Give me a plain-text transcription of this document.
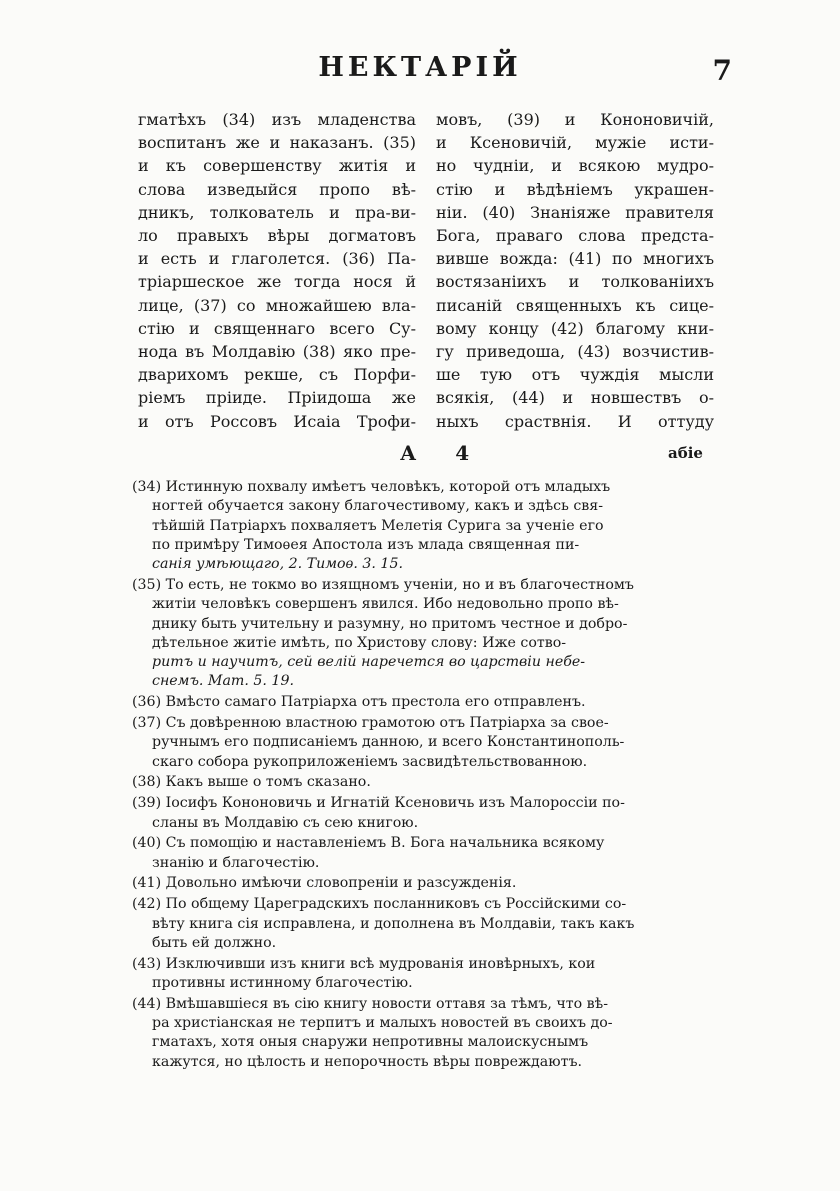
НЕКТАРІЙ	7
гматѣхъ (34) изъ младенства
воспитанъ же и наказанъ. (35)
и къ совершенству житія и
слова изведыйся пропо вѣ-
дникъ, толкователь и пра-ви-
ло правыхъ вѣры догматовъ
и есть и глаголется. (36) Па-
тріаршеское же тогда нося й
лице, (37) со множайшею вла-
стію и священнаго всего Су-
нода въ Молдавію (38) яко пре-
дварихомъ рекше, съ Порфи-
ріемъ пріиде. Пріидоша же
и отъ Россовъ Исаіа Трофи-
мовъ, (39) и Кононовичій,
и Ксеновичій, мужіе исти-
но чудніи, и всякою мудро-
стію и вѣдѣніемъ украшен-
ніи. (40) Знаніяже правителя
Бога, праваго слова предста-
вивше вожда: (41) по многихъ
востязаніихъ и толкованіихъ
писаній священныхъ къ сице-
вому концу (42) благому кни-
гу приведоша, (43) возчистив-
ше тую отъ чуждія мысли
всякія, (44) и новшествъ о-
ныхъ сраствнія. И оттуду
А 4	абіе
(34) Истинную похвалу имѣетъ человѣкъ, которой отъ младыхъ
ногтей обучается закону благочестивому, какъ и здѣсь свя-
тѣйшій Патріархъ похваляетъ Мелетія Сурига за ученіе его
по примѣру Тимоѳея Апостола изъ млада священная пи-
санія умѣющаго, 2. Тимоѳ. 3. 15.
(35) То есть, не токмо во изящномъ ученіи, но и въ благочестномъ
житіи человѣкъ совершенъ явился. Ибо недовольно пропо вѣ-
днику быть учительну и разумну, но притомъ честное и добро-
дѣтельное житіе имѣть, по Христову слову: Иже сотво-
ритъ и научитъ, сей велій наречется во царствіи небе-
снемъ. Мат. 5. 19.
(36) Вмѣсто самаго Патріарха отъ престола его отправленъ.
(37) Съ довѣренною властною грамотою отъ Патріарха за свое-
ручнымъ его подписаніемъ данною, и всего Константинополь-
скаго собора рукоприложеніемъ засвидѣтельствованною.
(38) Какъ выше о томъ сказано.
(39) Іосифъ Кононовичь и Игнатій Ксеновичь изъ Малороссіи по-
сланы въ Молдавію съ сею книгою.
(40) Съ помощію и наставленіемъ В. Бога начальника всякому
знанію и благочестію.
(41) Довольно имѣючи словопреніи и разсужденія.
(42) По общему Цареградскихъ посланниковъ съ Россійскими со-
вѣту книга сія исправлена, и дополнена въ Молдавіи, такъ какъ
быть ей должно.
(43) Изключивши изъ книги всѣ мудрованія иновѣрныхъ, кои
противны истинному благочестію.
(44) Вмѣшавшіеся въ сію книгу новости оттавя за тѣмъ, что вѣ-
ра христіанская не терпитъ и малыхъ новостей въ своихъ до-
гматахъ, хотя оныя снаружи непротивны малоискуснымъ
кажутся, но цѣлость и непорочность вѣры повреждаютъ.
